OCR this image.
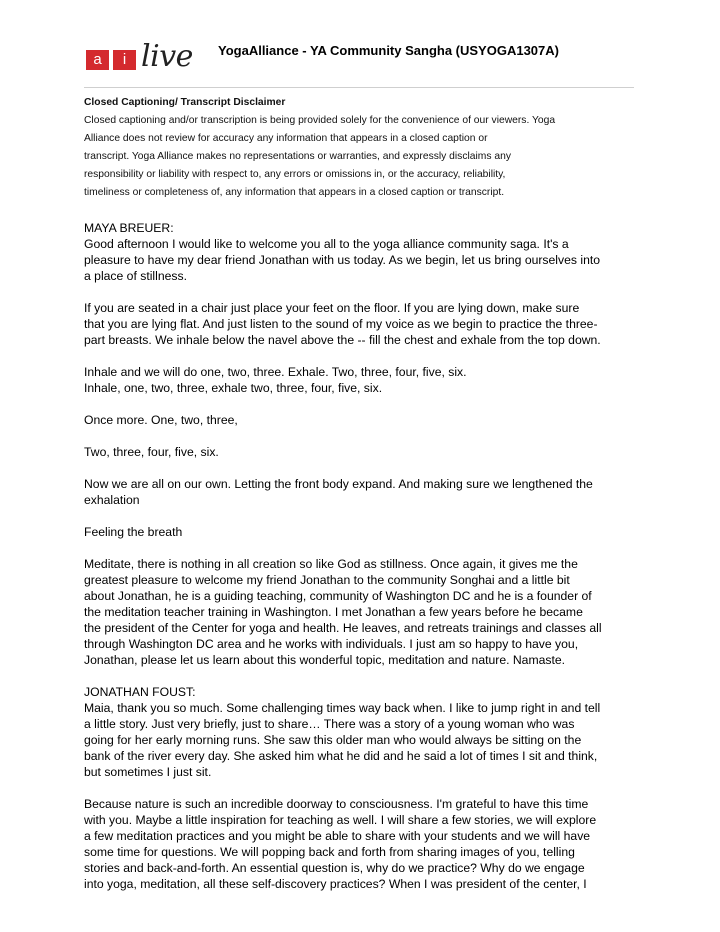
a	i live YogaAlliance - YA Community Sangha (USYOGA1307A)
Closed Captioning/ Transcript Disclaimer
Closed captioning and/or transcription is being provided solely for the convenience of our viewers. Yoga
Alliance does not review for accuracy any information that appears in a closed caption or
transcript. Yoga Alliance makes no representations or warranties, and expressly disclaims any
responsibility or liability with respect to, any errors or omissions in, or the accuracy, reliability,
timeliness or completeness of, any information that appears in a closed caption or transcript.
MAYA BREUER:
Good afternoon I would like to welcome you all to the yoga alliance community saga. It's a
pleasure to have my dear friend Jonathan with us today. As we begin, let us bring ourselves into
a place of stillness.
If you are seated in a chair just place your feet on the floor. If you are lying down, make sure
that you are lying flat. And just listen to the sound of my voice as we begin to practice the three-
part breasts. We inhale below the navel above the -- fill the chest and exhale from the top down.
Inhale and we will do one, two, three. Exhale. Two, three, four, five, six.
Inhale, one, two, three, exhale two, three, four, five, six.
Once more. One, two, three,
Two, three, four, five, six.
Now we are all on our own. Letting the front body expand. And making sure we lengthened the
exhalation
Feeling the breath
Meditate, there is nothing in all creation so like God as stillness. Once again, it gives me the
greatest pleasure to welcome my friend Jonathan to the community Songhai and a little bit
about Jonathan, he is a guiding teaching, community of Washington DC and he is a founder of
the meditation teacher training in Washington. I met Jonathan a few years before he became
the president of the Center for yoga and health. He leaves, and retreats trainings and classes all
through Washington DC area and he works with individuals. I just am so happy to have you,
Jonathan, please let us learn about this wonderful topic, meditation and nature. Namaste.
JONATHAN FOUST:
Maia, thank you so much. Some challenging times way back when. I like to jump right in and tell
a little story. Just very briefly, just to share… There was a story of a young woman who was
going for her early morning runs. She saw this older man who would always be sitting on the
bank of the river every day. She asked him what he did and he said a lot of times I sit and think,
but sometimes I just sit.
Because nature is such an incredible doorway to consciousness. I'm grateful to have this time
with you. Maybe a little inspiration for teaching as well. I will share a few stories, we will explore
a few meditation practices and you might be able to share with your students and we will have
some time for questions. We will popping back and forth from sharing images of you, telling
stories and back-and-forth. An essential question is, why do we practice? Why do we engage
into yoga, meditation, all these self-discovery practices? When I was president of the center, I
